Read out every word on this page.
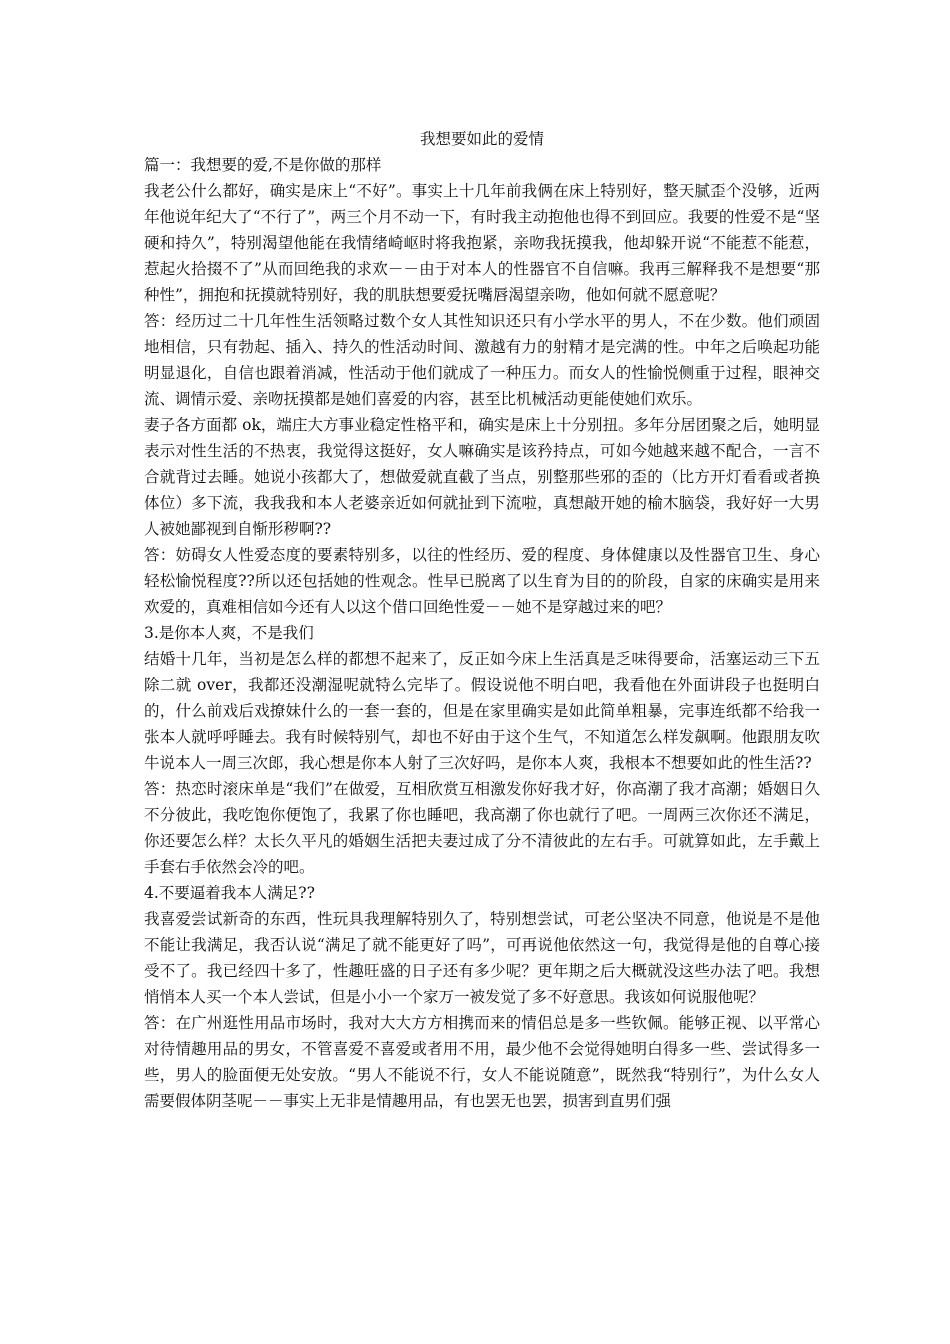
我想要如此的爱情

篇一：我想要的爱,不是你做的那样

我老公什么都好，确实是床上“不好”。事实上十几年前我俩在床上特别好，整天腻歪个没够，近两年他说年纪大了“不行了”，两三个月不动一下，有时我主动抱他也得不到回应。我要的性爱不是“坚硬和持久”，特别渴望他能在我情绪崎岖时将我抱紧，亲吻我抚摸我，他却躲开说“不能惹不能惹，惹起火拾掇不了”从而回绝我的求欢－－由于对本人的性器官不自信嘛。我再三解释我不是想要“那种性”，拥抱和抚摸就特别好，我的肌肤想要爱抚嘴唇渴望亲吻，他如何就不愿意呢？

答：经历过二十几年性生活领略过数个女人其性知识还只有小学水平的男人，不在少数。他们顽固地相信，只有勃起、插入、持久的性活动时间、激越有力的射精才是完满的性。中年之后唤起功能明显退化，自信也跟着消减，性活动于他们就成了一种压力。而女人的性愉悦侧重于过程，眼神交流、调情示爱、亲吻抚摸都是她们喜爱的内容，甚至比机械活动更能使她们欢乐。

妻子各方面都 ok，端庄大方事业稳定性格平和，确实是床上十分别扭。多年分居团聚之后，她明显表示对性生活的不热衷，我觉得这挺好，女人嘛确实是该矜持点，可如今她越来越不配合，一言不合就背过去睡。她说小孩都大了，想做爱就直截了当点，别整那些邪的歪的（比方开灯看看或者换体位）多下流，我我我和本人老婆亲近如何就扯到下流啦，真想敲开她的榆木脑袋，我好好一大男人被她鄙视到自惭形秽啊??

答：妨碍女人性爱态度的要素特别多，以往的性经历、爱的程度、身体健康以及性器官卫生、身心轻松愉悦程度??所以还包括她的性观念。性早已脱离了以生育为目的的阶段，自家的床确实是用来欢爱的，真难相信如今还有人以这个借口回绝性爱－－她不是穿越过来的吧？

3.是你本人爽，不是我们

结婚十几年，当初是怎么样的都想不起来了，反正如今床上生活真是乏味得要命，活塞运动三下五除二就 over，我都还没潮湿呢就特么完毕了。假设说他不明白吧，我看他在外面讲段子也挺明白的，什么前戏后戏撩妹什么的一套一套的，但是在家里确实是如此简单粗暴，完事连纸都不给我一张本人就呼呼睡去。我有时候特别气，却也不好由于这个生气，不知道怎么样发飙啊。他跟朋友吹牛说本人一周三次郎，我心想是你本人射了三次好吗，是你本人爽，我根本不想要如此的性生活??

答：热恋时滚床单是“我们”在做爱，互相欣赏互相激发你好我才好，你高潮了我才高潮；婚姻日久不分彼此，我吃饱你便饱了，我累了你也睡吧，我高潮了你也就行了吧。一周两三次你还不满足，你还要怎么样？太长久平凡的婚姻生活把夫妻过成了分不清彼此的左右手。可就算如此，左手戴上手套右手依然会冷的吧。

4.不要逼着我本人满足??

我喜爱尝试新奇的东西，性玩具我理解特别久了，特别想尝试，可老公坚决不同意，他说是不是他不能让我满足，我否认说“满足了就不能更好了吗”，可再说他依然这一句，我觉得是他的自尊心接受不了。我已经四十多了，性趣旺盛的日子还有多少呢？更年期之后大概就没这些办法了吧。我想悄悄本人买一个本人尝试，但是小小一个家万一被发觉了多不好意思。我该如何说服他呢？

答：在广州逛性用品市场时，我对大大方方相携而来的情侣总是多一些钦佩。能够正视、以平常心对待情趣用品的男女，不管喜爱不喜爱或者用不用，最少他不会觉得她明白得多一些、尝试得多一些，男人的脸面便无处安放。“男人不能说不行，女人不能说随意”，既然我“特别行”，为什么女人需要假体阴茎呢－－事实上无非是情趣用品，有也罢无也罢，损害到直男们强
